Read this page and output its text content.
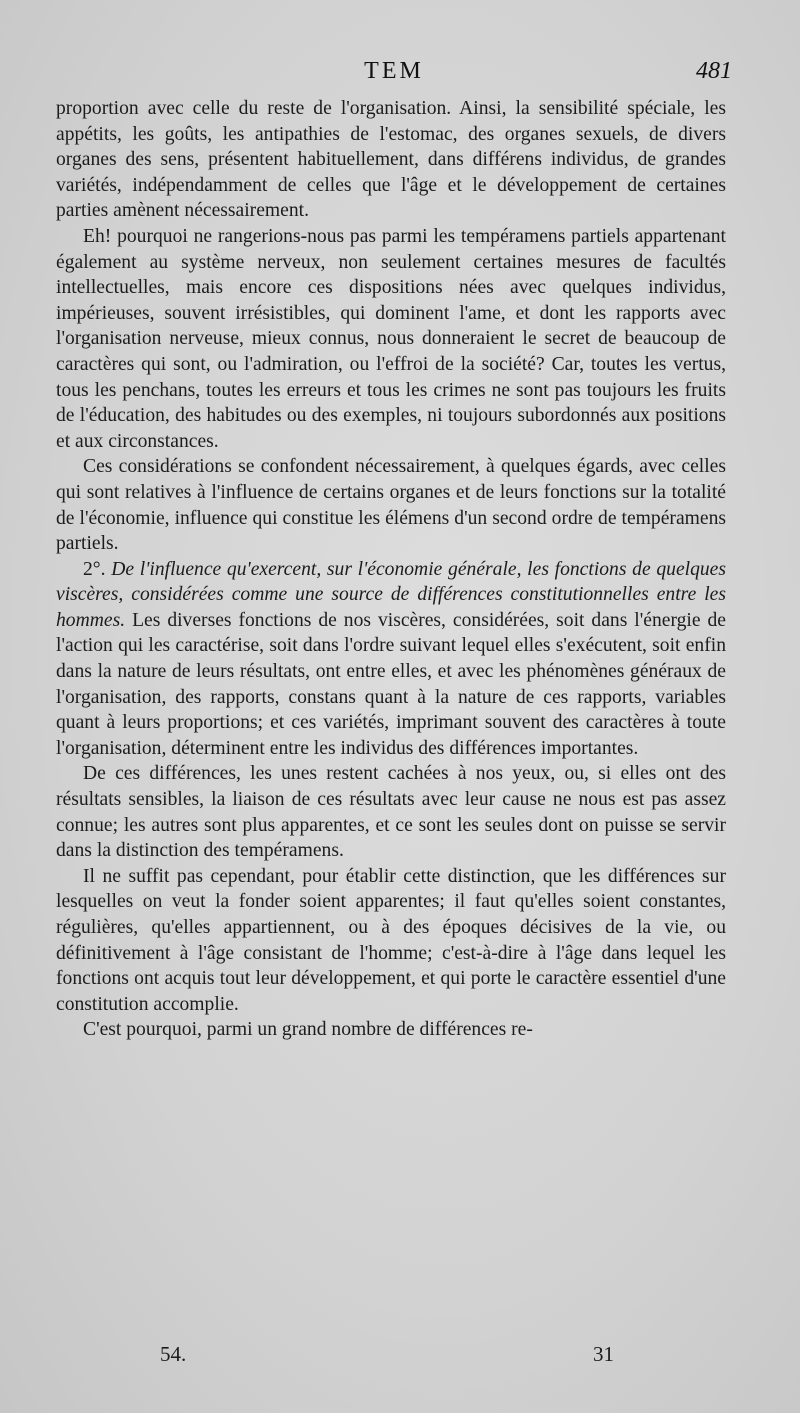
TEM	481

proportion avec celle du reste de l'organisation. Ainsi, la sensibilité spéciale, les appétits, les goûts, les antipathies de l'estomac, des organes sexuels, de divers organes des sens, présentent habituellement, dans différens individus, de grandes variétés, indépendamment de celles que l'âge et le développement de certaines parties amènent nécessairement.

Eh! pourquoi ne rangerions-nous pas parmi les tempéramens partiels appartenant également au système nerveux, non seulement certaines mesures de facultés intellectuelles, mais encore ces dispositions nées avec quelques individus, impérieuses, souvent irrésistibles, qui dominent l'ame, et dont les rapports avec l'organisation nerveuse, mieux connus, nous donneraient le secret de beaucoup de caractères qui sont, ou l'admiration, ou l'effroi de la société? Car, toutes les vertus, tous les penchans, toutes les erreurs et tous les crimes ne sont pas toujours les fruits de l'éducation, des habitudes ou des exemples, ni toujours subordonnés aux positions et aux circonstances.

Ces considérations se confondent nécessairement, à quelques égards, avec celles qui sont relatives à l'influence de certains organes et de leurs fonctions sur la totalité de l'économie, influence qui constitue les élémens d'un second ordre de tempéramens partiels.

2°. De l'influence qu'exercent, sur l'économie générale, les fonctions de quelques viscères, considérées comme une source de différences constitutionnelles entre les hommes. Les diverses fonctions de nos viscères, considérées, soit dans l'énergie de l'action qui les caractérise, soit dans l'ordre suivant lequel elles s'exécutent, soit enfin dans la nature de leurs résultats, ont entre elles, et avec les phénomènes généraux de l'organisation, des rapports, constans quant à la nature de ces rapports, variables quant à leurs proportions; et ces variétés, imprimant souvent des caractères à toute l'organisation, déterminent entre les individus des différences importantes.

De ces différences, les unes restent cachées à nos yeux, ou, si elles ont des résultats sensibles, la liaison de ces résultats avec leur cause ne nous est pas assez connue; les autres sont plus apparentes, et ce sont les seules dont on puisse se servir dans la distinction des tempéramens.

Il ne suffit pas cependant, pour établir cette distinction, que les différences sur lesquelles on veut la fonder soient apparentes; il faut qu'elles soient constantes, régulières, qu'elles appartiennent, ou à des époques décisives de la vie, ou définitivement à l'âge consistant de l'homme; c'est-à-dire à l'âge dans lequel les fonctions ont acquis tout leur développement, et qui porte le caractère essentiel d'une constitution accomplie.

C'est pourquoi, parmi un grand nombre de différences re-

54.	31
